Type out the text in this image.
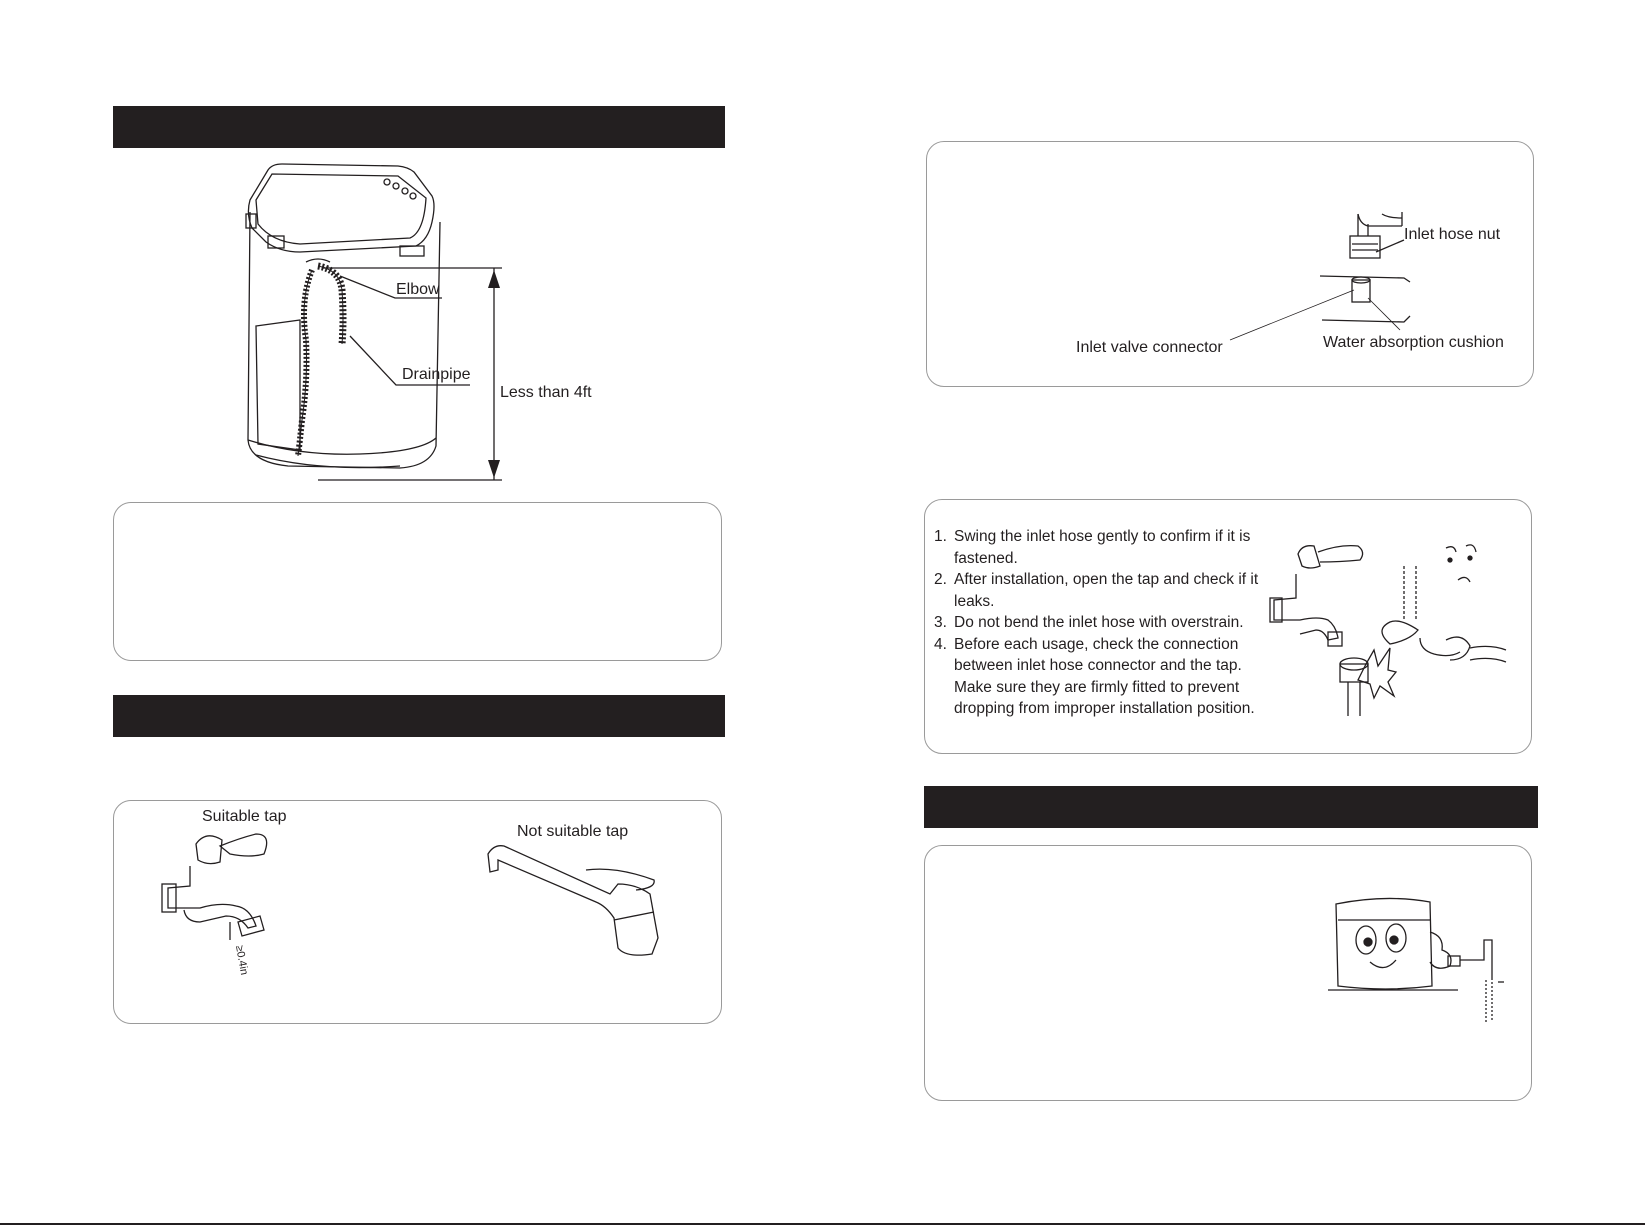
Elbow
Drainpipe
Less than 4ft
Suitable tap
Not suitable tap
≥0.4in
Inlet hose nut
Inlet valve connector	Water absorption cushion
1. Swing the inlet hose gently to confirm if it is fastened.
2. After installation, open the tap and check if it leaks.
3. Do not bend the inlet hose with overstrain.
4. Before each usage, check the connection between inlet hose connector and the tap. Make sure they are firmly fitted to prevent dropping from improper installation position.
